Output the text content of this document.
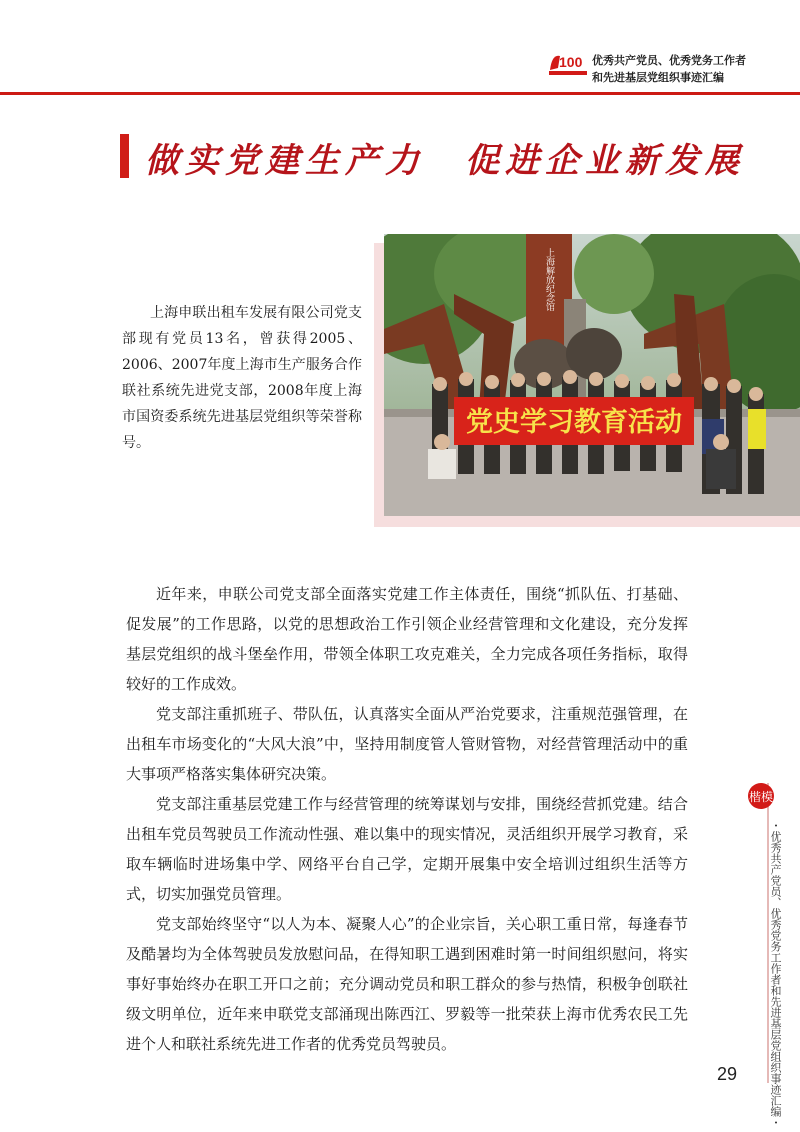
100 优秀共产党员、优秀党务工作者
和先进基层党组织事迹汇编
做实党建生产力　促进企业新发展
上海解放纪念馆
党史学习教育活动

上海申联出租车发展有限公司党支部现有党员13名，曾获得2005、2006、2007年度上海市生产服务合作联社系统先进党支部，2008年度上海市国资委系统先进基层党组织等荣誉称号。

近年来，申联公司党支部全面落实党建工作主体责任，围绕“抓队伍、打基础、促发展”的工作思路，以党的思想政治工作引领企业经营管理和文化建设，充分发挥基层党组织的战斗堡垒作用，带领全体职工攻克难关，全力完成各项任务指标，取得较好的工作成效。

党支部注重抓班子、带队伍，认真落实全面从严治党要求，注重规范强管理，在出租车市场变化的“大风大浪”中，坚持用制度管人管财管物，对经营管理活动中的重大事项严格落实集体研究决策。

党支部注重基层党建工作与经营管理的统筹谋划与安排，围绕经营抓党建。结合出租车党员驾驶员工作流动性强、难以集中的现实情况，灵活组织开展学习教育，采取车辆临时进场集中学、网络平台自己学，定期开展集中安全培训过组织生活等方式，切实加强党员管理。

党支部始终坚守“以人为本、凝聚人心”的企业宗旨，关心职工重日常，每逢春节及酷暑均为全体驾驶员发放慰问品，在得知职工遇到困难时第一时间组织慰问，将实事好事始终办在职工开口之前；充分调动党员和职工群众的参与热情，积极争创联社级文明单位，近年来申联党支部涌现出陈西江、罗毅等一批荣获上海市优秀农民工先进个人和联社系统先进工作者的优秀党员驾驶员。

楷模
・优秀共产党员、优秀党务工作者和先进基层党组织事迹汇编・
29
